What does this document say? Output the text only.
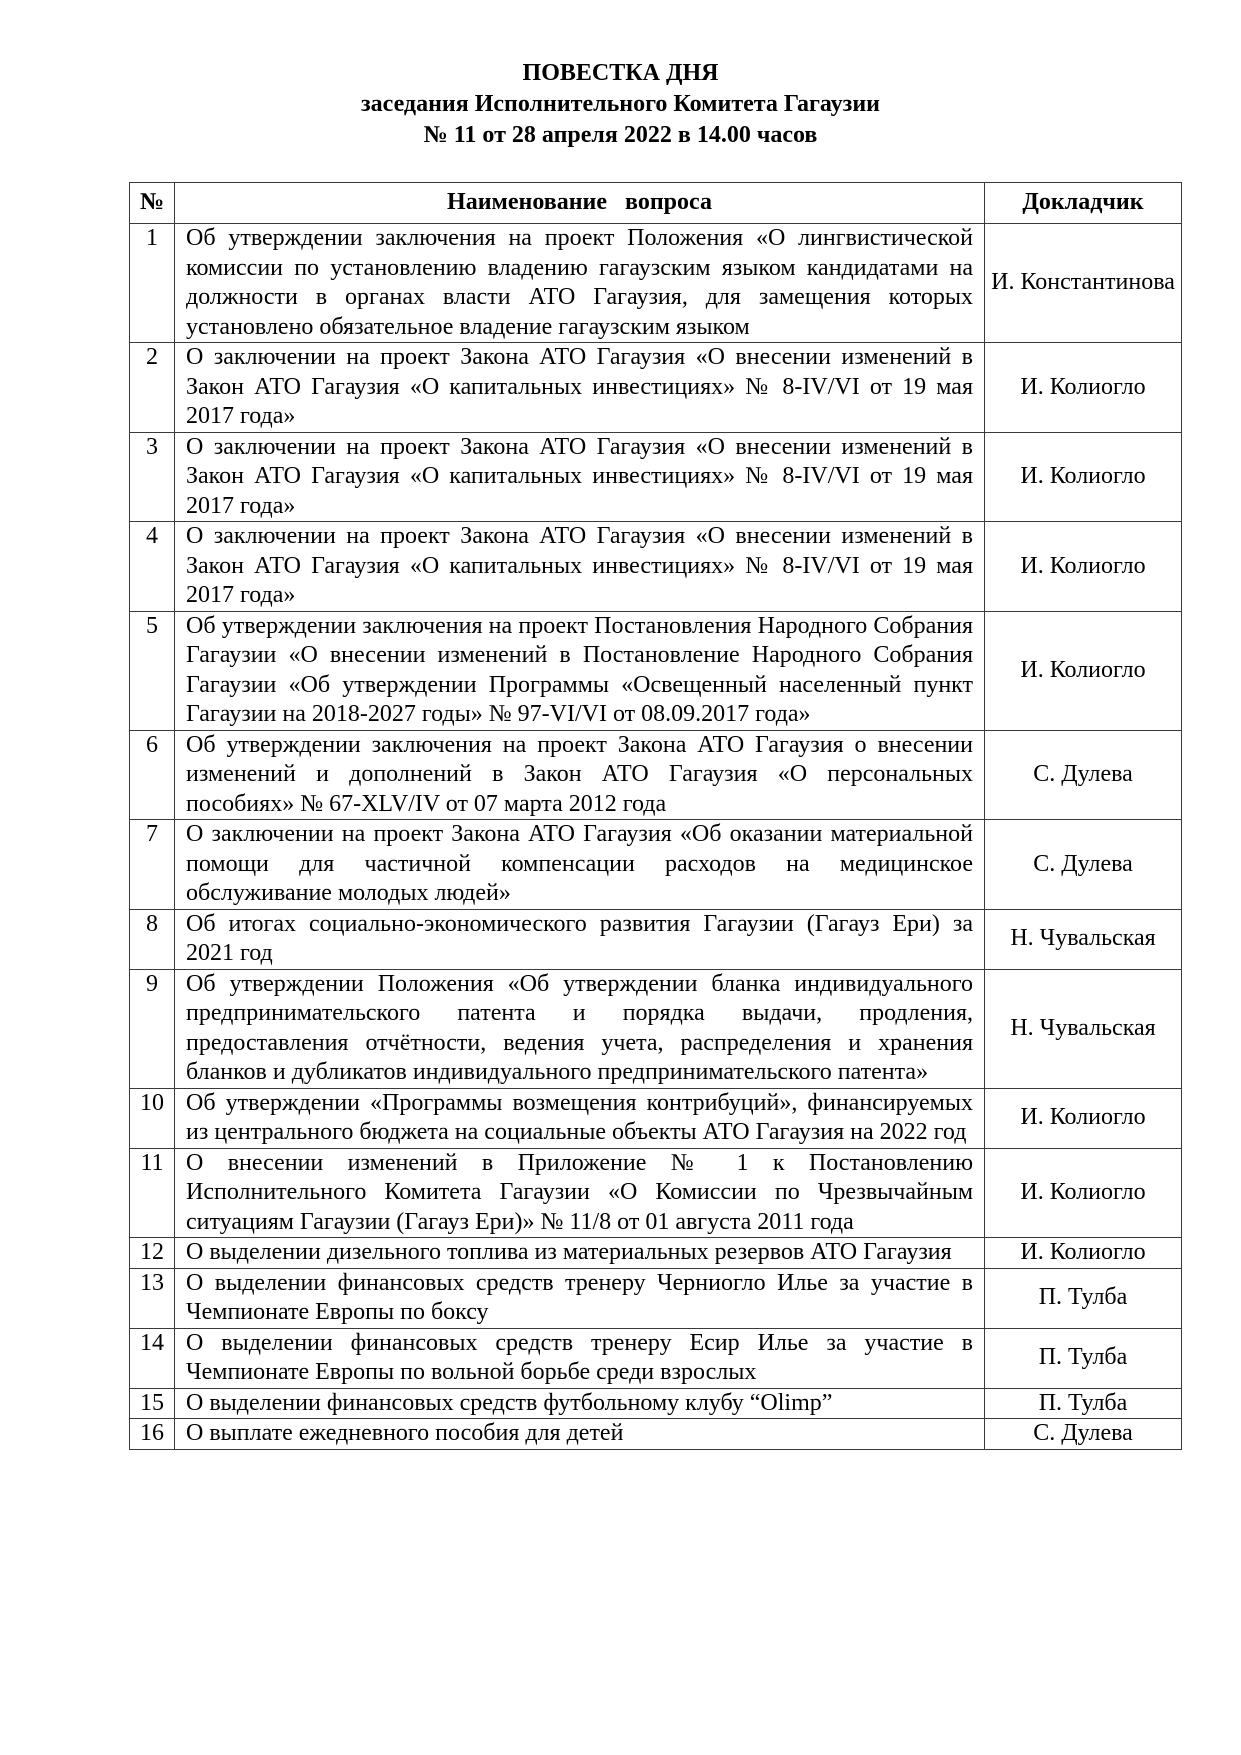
ПОВЕСТКА ДНЯ
заседания Исполнительного Комитета Гагаузии
№ 11 от 28 апреля 2022 в 14.00 часов
№	Наименование   вопроса	Докладчик
1	Об утверждении заключения на проект Положения «О лингвистической комиссии по установлению владению гагаузским языком кандидатами на должности в органах власти АТО Гагаузия, для замещения которых установлено обязательное владение гагаузским языком	И. Константинова
2	О заключении на проект Закона АТО Гагаузия «О внесении изменений в Закон АТО Гагаузия «О капитальных инвестициях» № 8-IV/VI от 19 мая 2017 года»	И. Колиогло
3	О заключении на проект Закона АТО Гагаузия «О внесении изменений в Закон АТО Гагаузия «О капитальных инвестициях» № 8-IV/VI от 19 мая 2017 года»	И. Колиогло
4	О заключении на проект Закона АТО Гагаузия «О внесении изменений в Закон АТО Гагаузия «О капитальных инвестициях» № 8-IV/VI от 19 мая 2017 года»	И. Колиогло
5	Об утверждении заключения на проект Постановления Народного Собрания Гагаузии «О внесении изменений в Постановление Народного Собрания Гагаузии «Об утверждении Программы «Освещенный населенный пункт Гагаузии на 2018-2027 годы» № 97-VI/VI от 08.09.2017 года»	И. Колиогло
6	Об утверждении заключения на проект Закона АТО Гагаузия о внесении изменений и дополнений в Закон АТО Гагаузия «О персональных пособиях» № 67-XLV/IV от 07 марта 2012 года	С. Дулева
7	О заключении на проект Закона АТО Гагаузия «Об оказании материальной помощи для частичной компенсации расходов на медицинское обслуживание молодых людей»	С. Дулева
8	Об итогах социально-экономического развития Гагаузии (Гагауз Ери) за 2021 год	Н. Чувальская
9	Об утверждении Положения «Об утверждении бланка индивидуального предпринимательского патента и порядка выдачи, продления, предоставления отчётности, ведения учета, распределения и хранения бланков и дубликатов индивидуального предпринимательского патента»	Н. Чувальская
10	Об утверждении «Программы возмещения контрибуций», финансируемых из центрального бюджета на социальные объекты АТО Гагаузия на 2022 год	И. Колиогло
11	О внесении изменений в Приложение № 1 к Постановлению Исполнительного Комитета Гагаузии «О Комиссии по Чрезвычайным ситуациям Гагаузии (Гагауз Ери)» № 11/8 от 01 августа 2011 года	И. Колиогло
12	О выделении дизельного топлива из материальных резервов АТО Гагаузия	И. Колиогло
13	О выделении финансовых средств тренеру Черниогло Илье за участие в Чемпионате Европы по боксу	П. Тулба
14	О выделении финансовых средств тренеру Есир Илье за участие в Чемпионате Европы по вольной борьбе среди взрослых	П. Тулба
15	О выделении финансовых средств футбольному клубу “Olimp”	П. Тулба
16	О выплате ежедневного пособия для детей	С. Дулева
